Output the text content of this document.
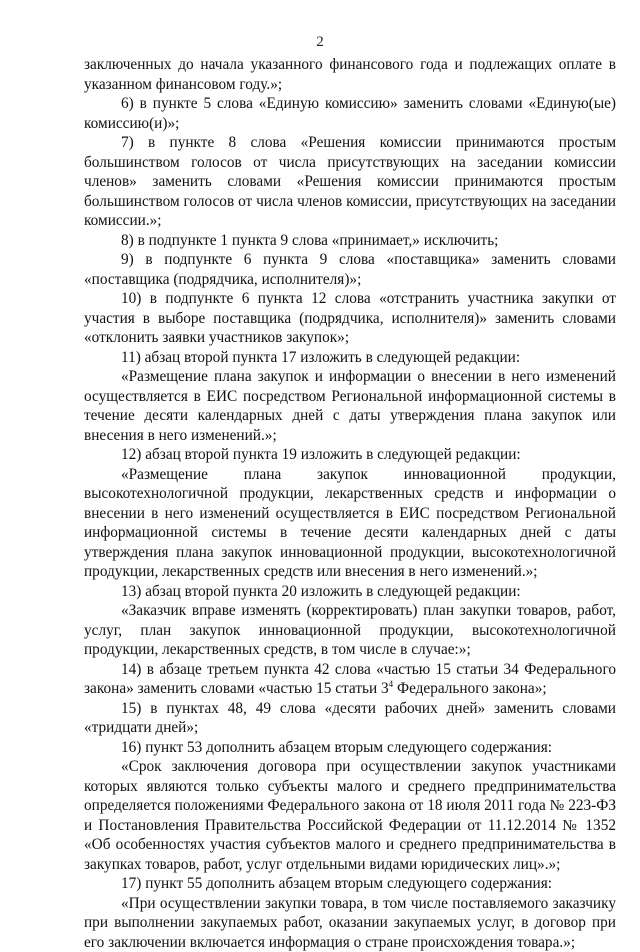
2

заключенных до начала указанного финансового года и подлежащих оплате в указанном финансовом году.»;

6) в пункте 5 слова «Единую комиссию» заменить словами «Единую(ые) комиссию(и)»;

7) в пункте 8 слова «Решения комиссии принимаются простым большинством голосов от числа присутствующих на заседании комиссии членов» заменить словами «Решения комиссии принимаются простым большинством голосов от числа членов комиссии, присутствующих на заседании комиссии.»;

8) в подпункте 1 пункта 9 слова «принимает,» исключить;

9) в подпункте 6 пункта 9 слова «поставщика» заменить словами «поставщика (подрядчика, исполнителя)»;

10) в подпункте 6 пункта 12 слова «отстранить участника закупки от участия в выборе поставщика (подрядчика, исполнителя)» заменить словами «отклонить заявки участников закупок»;

11) абзац второй пункта 17 изложить в следующей редакции:

«Размещение плана закупок и информации о внесении в него изменений осуществляется в ЕИС посредством Региональной информационной системы в течение десяти календарных дней с даты утверждения плана закупок или внесения в него изменений.»;

12) абзац второй пункта 19 изложить в следующей редакции:

«Размещение плана закупок инновационной продукции, высокотехнологичной продукции, лекарственных средств и информации о внесении в него изменений осуществляется в ЕИС посредством Региональной информационной системы в течение десяти календарных дней с даты утверждения плана закупок инновационной продукции, высокотехнологичной продукции, лекарственных средств или внесения в него изменений.»;

13) абзац второй пункта 20 изложить в следующей редакции:

«Заказчик вправе изменять (корректировать) план закупки товаров, работ, услуг, план закупок инновационной продукции, высокотехнологичной продукции, лекарственных средств, в том числе в случае:»;

14) в абзаце третьем пункта 42 слова «частью 15 статьи 34 Федерального закона» заменить словами «частью 15 статьи $3^4$ Федерального закона»;

15) в пунктах 48, 49 слова «десяти рабочих дней» заменить словами «тридцати дней»;

16) пункт 53 дополнить абзацем вторым следующего содержания:

«Срок заключения договора при осуществлении закупок участниками которых являются только субъекты малого и среднего предпринимательства определяется положениями Федерального закона от 18 июля 2011 года № 223-ФЗ и Постановления Правительства Российской Федерации от 11.12.2014 № 1352 «Об особенностях участия субъектов малого и среднего предпринимательства в закупках товаров, работ, услуг отдельными видами юридических лиц».»;

17) пункт 55 дополнить абзацем вторым следующего содержания:

«При осуществлении закупки товара, в том числе поставляемого заказчику при выполнении закупаемых работ, оказании закупаемых услуг, в договор при его заключении включается информация о стране происхождения товара.»;
